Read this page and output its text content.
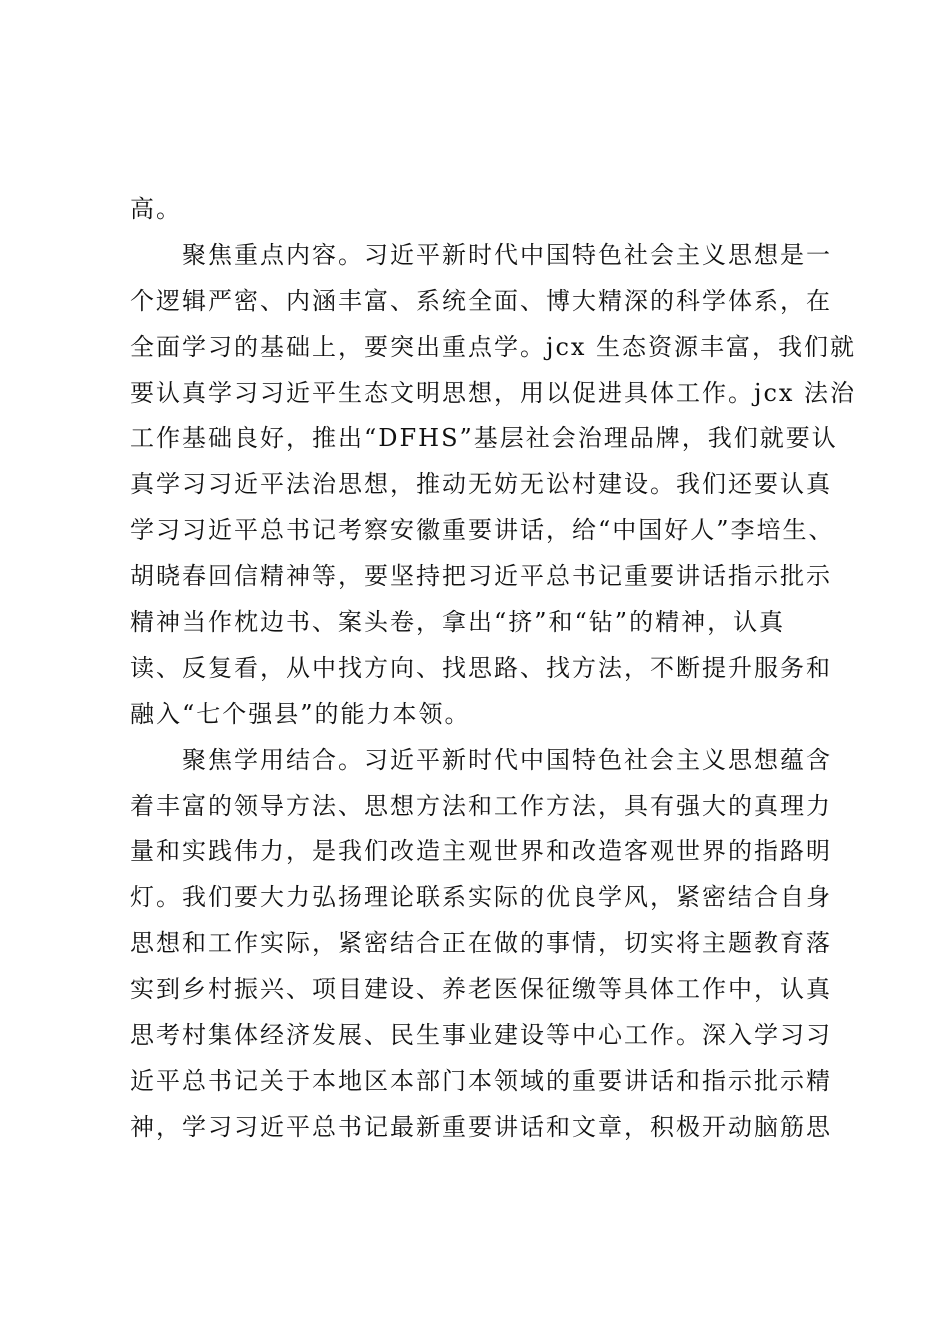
高。
聚焦重点内容。习近平新时代中国特色社会主义思想是一
个逻辑严密、内涵丰富、系统全面、博大精深的科学体系，在
全面学习的基础上，要突出重点学。jcx 生态资源丰富，我们就
要认真学习习近平生态文明思想，用以促进具体工作。jcx 法治
工作基础良好，推出“DFHS”基层社会治理品牌，我们就要认
真学习习近平法治思想，推动无妨无讼村建设。我们还要认真
学习习近平总书记考察安徽重要讲话，给“中国好人”李培生、
胡晓春回信精神等，要坚持把习近平总书记重要讲话指示批示
精神当作枕边书、案头卷，拿出“挤”和“钻”的精神，认真
读、反复看，从中找方向、找思路、找方法，不断提升服务和
融入“七个强县”的能力本领。
聚焦学用结合。习近平新时代中国特色社会主义思想蕴含
着丰富的领导方法、思想方法和工作方法，具有强大的真理力
量和实践伟力，是我们改造主观世界和改造客观世界的指路明
灯。我们要大力弘扬理论联系实际的优良学风，紧密结合自身
思想和工作实际，紧密结合正在做的事情，切实将主题教育落
实到乡村振兴、项目建设、养老医保征缴等具体工作中，认真
思考村集体经济发展、民生事业建设等中心工作。深入学习习
近平总书记关于本地区本部门本领域的重要讲话和指示批示精
神，学习习近平总书记最新重要讲话和文章，积极开动脑筋思
